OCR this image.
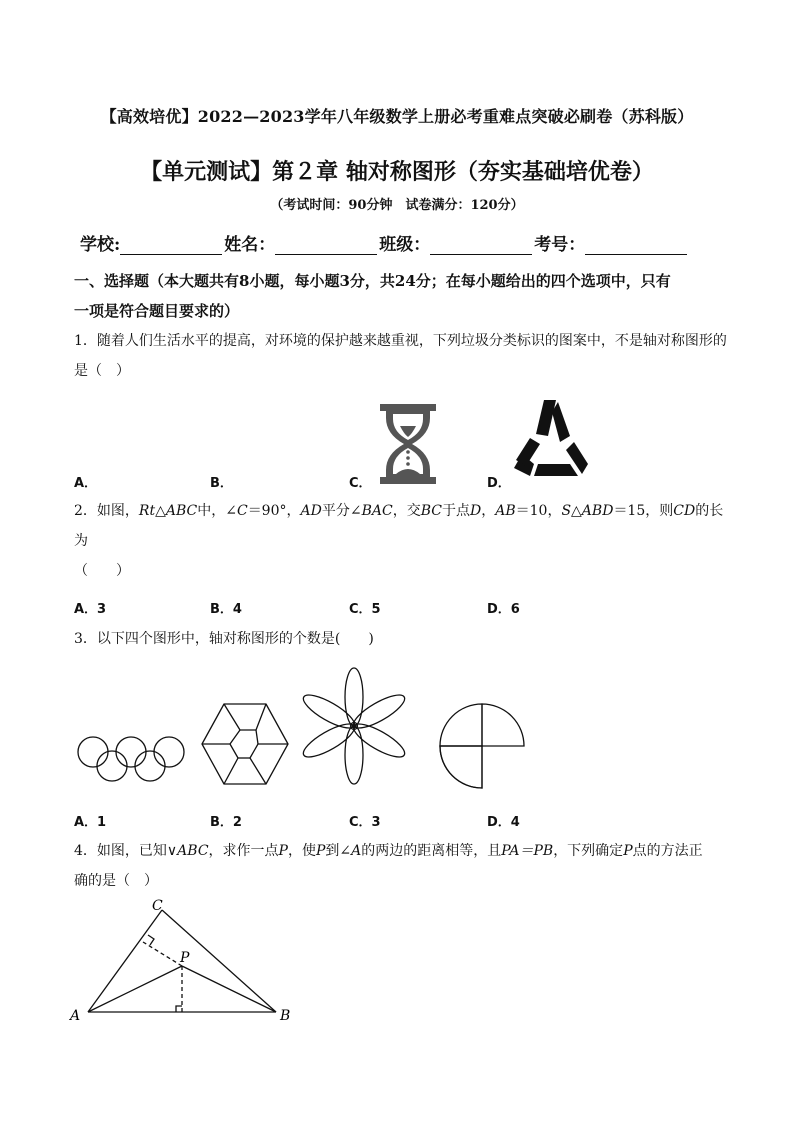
【高效培优】2022—2023学年八年级数学上册必考重难点突破必刷卷（苏科版）
【单元测试】第２章 轴对称图形（夯实基础培优卷）
（考试时间：90分钟　试卷满分：120分）
学校:	姓名：	班级：	考号：
一、选择题（本大题共有8小题，每小题3分，共24分；在每小题给出的四个选项中，只有
一项是符合题目要求的）
1．随着人们生活水平的提高，对环境的保护越来越重视，下列垃圾分类标识的图案中，不是轴对称图形的
是（　）
A．	B．	C．	D．
2．如图，Rt△ABC中，∠C＝90°，AD平分∠BAC，交BC于点D，AB＝10，S△ABD＝15，则CD的长为
（　　）
A．3	B．4	C．5	D．6
3．以下四个图形中，轴对称图形的个数是(　　)
A．1	B．2	C．3	D．4
4．如图，已知∨ABC，求作一点P，使P到∠A的两边的距离相等，且PA＝PB，下列确定P点的方法正
确的是（　）
A	B
C
P
